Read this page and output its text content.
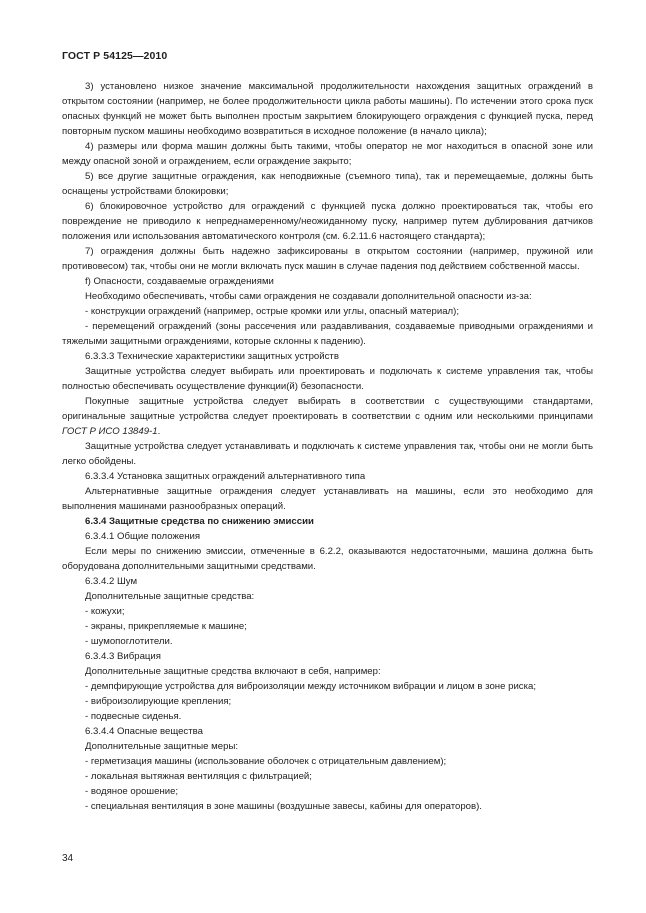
ГОСТ Р 54125—2010

3) установлено низкое значение максимальной продолжительности нахождения защитных ограждений в открытом состоянии (например, не более продолжительности цикла работы машины). По истечении этого срока пуск опасных функций не может быть выполнен простым закрытием блокирующего ограждения с функцией пуска, перед повторным пуском машины необходимо возвратиться в исходное положение (в начало цикла);

4) размеры или форма машин должны быть такими, чтобы оператор не мог находиться в опасной зоне или между опасной зоной и ограждением, если ограждение закрыто;

5) все другие защитные ограждения, как неподвижные (съемного типа), так и перемещаемые, должны быть оснащены устройствами блокировки;

6) блокировочное устройство для ограждений с функцией пуска должно проектироваться так, чтобы его повреждение не приводило к непреднамеренному/неожиданному пуску, например путем дублирования датчиков положения или использования автоматического контроля (см. 6.2.11.6 настоящего стандарта);

7) ограждения должны быть надежно зафиксированы в открытом состоянии (например, пружиной или противовесом) так, чтобы они не могли включать пуск машин в случае падения под действием собственной массы.

f) Опасности, создаваемые ограждениями

Необходимо обеспечивать, чтобы сами ограждения не создавали дополнительной опасности из-за:

- конструкции ограждений (например, острые кромки или углы, опасный материал);

- перемещений ограждений (зоны рассечения или раздавливания, создаваемые приводными ограждениями и тяжелыми защитными ограждениями, которые склонны к падению).

6.3.3.3 Технические характеристики защитных устройств

Защитные устройства следует выбирать или проектировать и подключать к системе управления так, чтобы полностью обеспечивать осуществление функции(й) безопасности.

Покупные защитные устройства следует выбирать в соответствии с существующими стандартами, оригинальные защитные устройства следует проектировать в соответствии с одним или несколькими принципами ГОСТ Р ИСО 13849-1.

Защитные устройства следует устанавливать и подключать к системе управления так, чтобы они не могли быть легко обойдены.

6.3.3.4 Установка защитных ограждений альтернативного типа

Альтернативные защитные ограждения следует устанавливать на машины, если это необходимо для выполнения машинами разнообразных операций.

6.3.4 Защитные средства по снижению эмиссии

6.3.4.1 Общие положения

Если меры по снижению эмиссии, отмеченные в 6.2.2, оказываются недостаточными, машина должна быть оборудована дополнительными защитными средствами.

6.3.4.2 Шум

Дополнительные защитные средства:

- кожухи;

- экраны, прикрепляемые к машине;

- шумопоглотители.

6.3.4.3 Вибрация

Дополнительные защитные средства включают в себя, например:

- демпфирующие устройства для виброизоляции между источником вибрации и лицом в зоне риска;

- виброизолирующие крепления;

- подвесные сиденья.

6.3.4.4 Опасные вещества

Дополнительные защитные меры:

- герметизация машины (использование оболочек с отрицательным давлением);

- локальная вытяжная вентиляция с фильтрацией;

- водяное орошение;

- специальная вентиляция в зоне машины (воздушные завесы, кабины для операторов).

34
